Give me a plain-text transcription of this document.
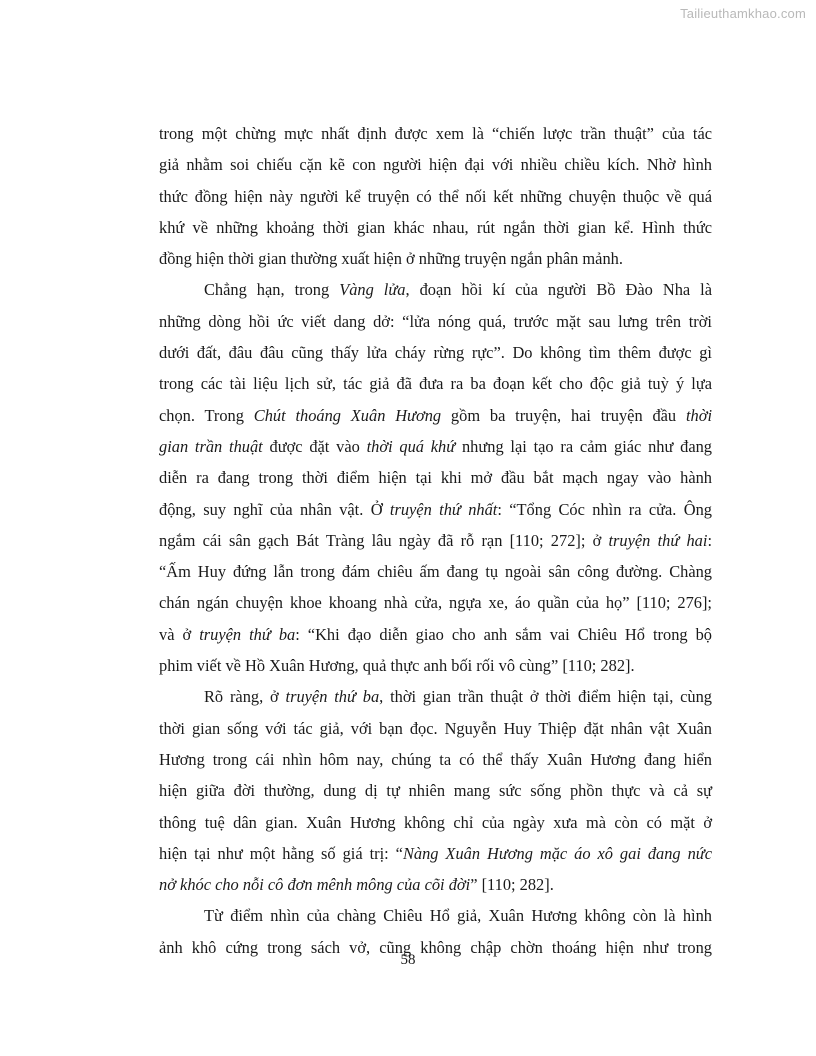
Tailieuthamkhao.com
trong một chừng mực nhất định được xem là “chiến lược trần thuật” của tác
giả nhằm soi chiếu cặn kẽ con người hiện đại với nhiều chiều kích. Nhờ hình
thức đồng hiện này người kể truyện có thể nối kết những chuyện thuộc về quá
khứ về những khoảng thời gian khác nhau, rút ngắn thời gian kể. Hình thức
đồng hiện thời gian thường xuất hiện ở những truyện ngắn phân mảnh.
Chẳng hạn, trong Vàng lửa, đoạn hồi kí của người Bồ Đào Nha là
những dòng hồi ức viết dang dở: “lửa nóng quá, trước mặt sau lưng trên trời
dưới đất, đâu đâu cũng thấy lửa cháy rừng rực”. Do không tìm thêm được gì
trong các tài liệu lịch sử, tác giả đã đưa ra ba đoạn kết cho độc giả tuỳ ý lựa
chọn. Trong Chút thoáng Xuân Hương gồm ba truyện, hai truyện đầu thời
gian trần thuật được đặt vào thời quá khứ nhưng lại tạo ra cảm giác như đang
diễn ra đang trong thời điểm hiện tại khi mở đầu bắt mạch ngay vào hành
động, suy nghĩ của nhân vật. Ở truyện thứ nhất: “Tổng Cóc nhìn ra cửa. Ông
ngắm cái sân gạch Bát Tràng lâu ngày đã rỗ rạn [110; 272]; ở truyện thứ hai:
“Ấm Huy đứng lẫn trong đám chiêu ấm đang tụ ngoài sân công đường. Chàng
chán ngán chuyện khoe khoang nhà cửa, ngựa xe, áo quần của họ” [110; 276];
và ở truyện thứ ba: “Khi đạo diễn giao cho anh sắm vai Chiêu Hổ trong bộ
phim viết về Hồ Xuân Hương, quả thực anh bối rối vô cùng” [110; 282].
Rõ ràng, ở truyện thứ ba, thời gian trần thuật ở thời điểm hiện tại, cùng
thời gian sống với tác giả, với bạn đọc. Nguyễn Huy Thiệp đặt nhân vật Xuân
Hương trong cái nhìn hôm nay, chúng ta có thể thấy Xuân Hương đang hiển
hiện giữa đời thường, dung dị tự nhiên mang sức sống phồn thực và cả sự
thông tuệ dân gian. Xuân Hương không chỉ của ngày xưa mà còn có mặt ở
hiện tại như một hằng số giá trị: “Nàng Xuân Hương mặc áo xô gai đang nức
nở khóc cho nỗi cô đơn mênh mông của cõi đời” [110; 282].
Từ điểm nhìn của chàng Chiêu Hổ giả, Xuân Hương không còn là hình
ảnh khô cứng trong sách vở, cũng không chập chờn thoáng hiện như trong
58
